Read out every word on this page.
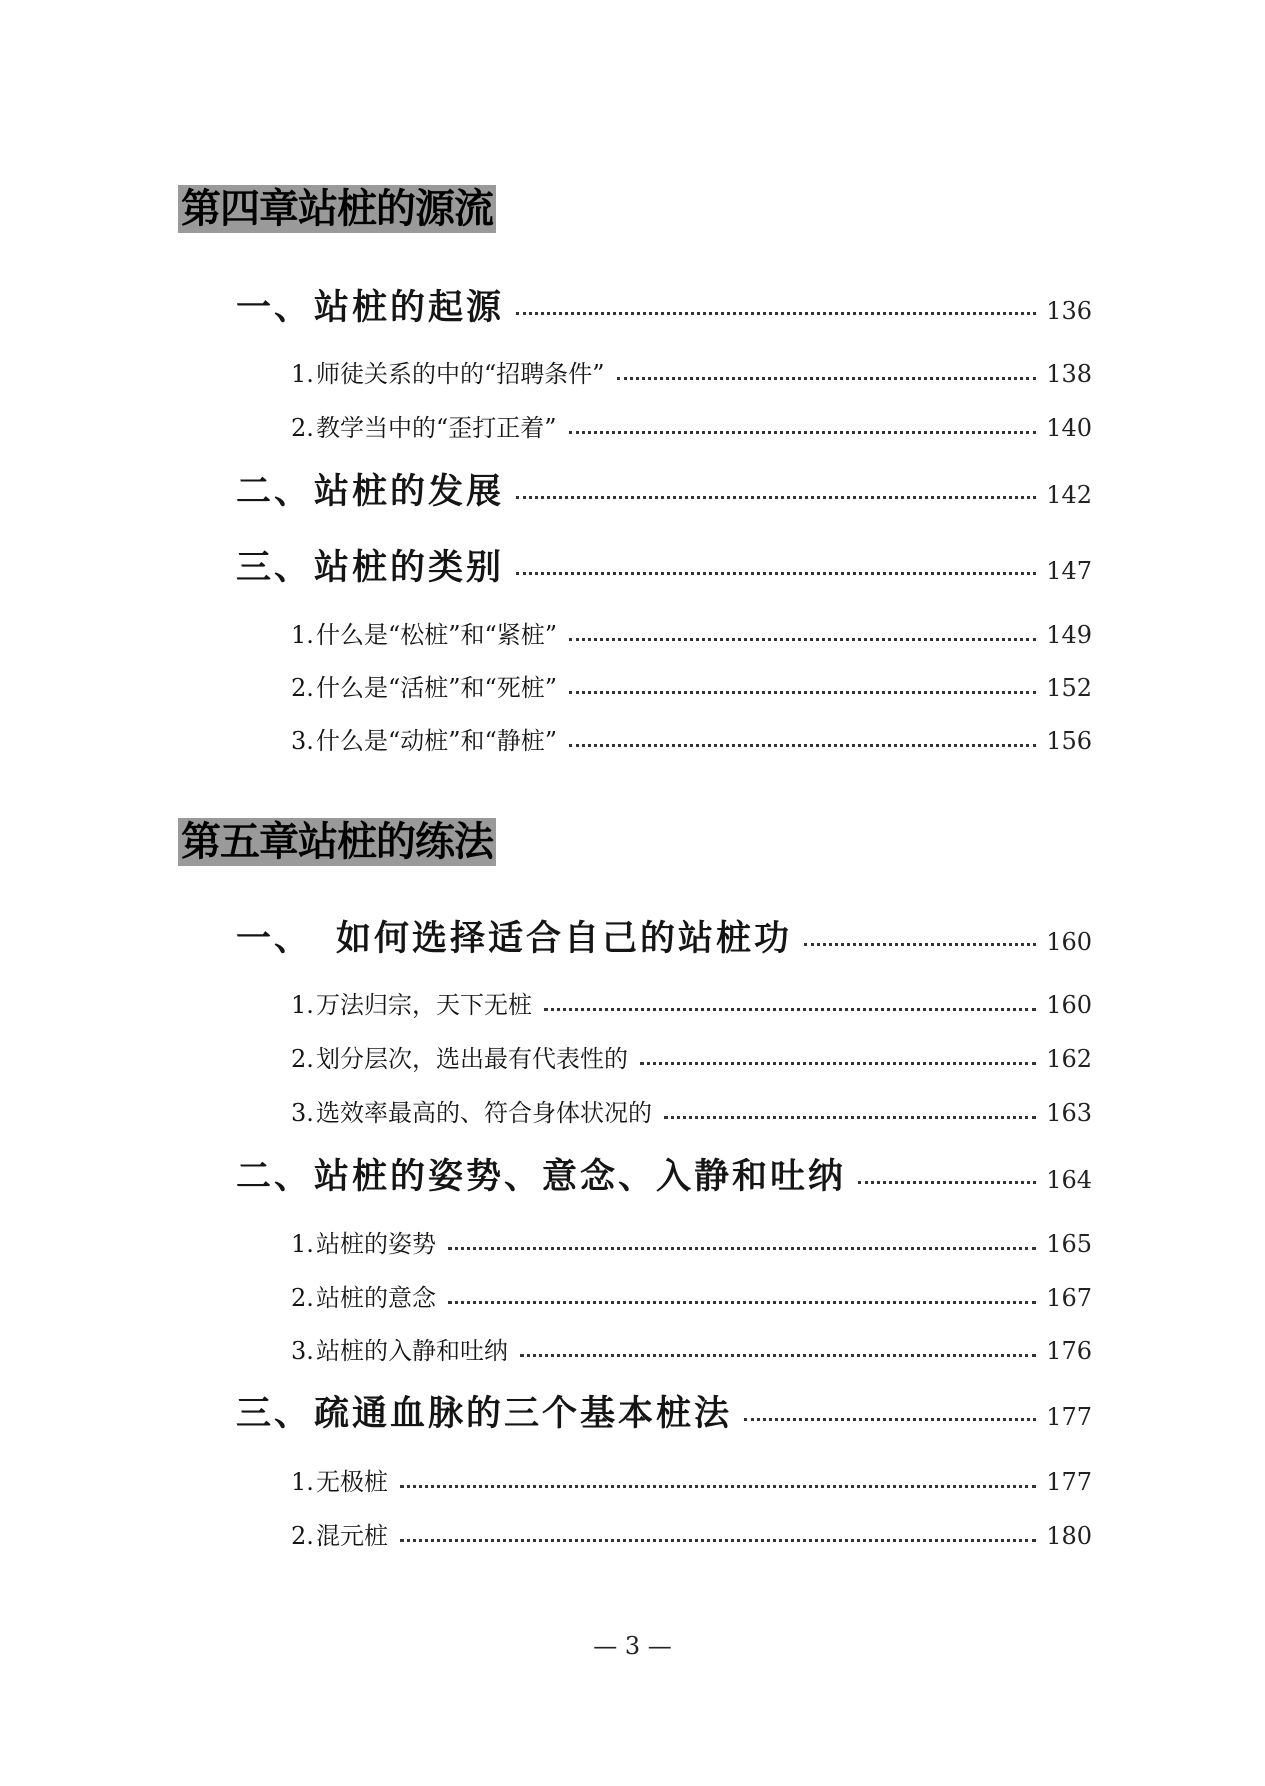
第四章站桩的源流
一、 站桩的起源	136
1. 师徒关系的中的“招聘条件”	138
2. 教学当中的“歪打正着”	140
二、 站桩的发展	142
三、 站桩的类别	147
1. 什么是“松桩”和“紧桩”	149
2. 什么是“活桩”和“死桩”	152
3. 什么是“动桩”和“静桩”	156
第五章站桩的练法
一、 如何选择适合自己的站桩功	160
1. 万法归宗，天下无桩	160
2. 划分层次，选出最有代表性的	162
3. 选效率最高的、符合身体状况的	163
二、 站桩的姿势、意念、入静和吐纳	164
1. 站桩的姿势	165
2. 站桩的意念	167
3. 站桩的入静和吐纳	176
三、 疏通血脉的三个基本桩法	177
1. 无极桩	177
2. 混元桩	180
— 3 —
